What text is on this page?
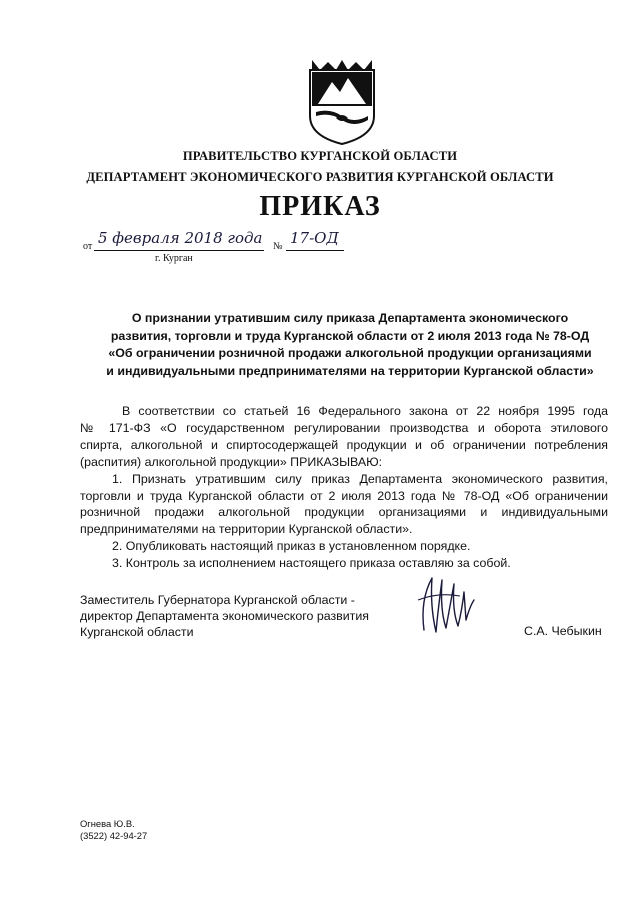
ПРАВИТЕЛЬСТВО КУРГАНСКОЙ ОБЛАСТИ
ДЕПАРТАМЕНТ ЭКОНОМИЧЕСКОГО РАЗВИТИЯ КУРГАНСКОЙ ОБЛАСТИ
ПРИКАЗ
от 5 февраля 2018 года № 17-ОД
г. Курган
О признании утратившим силу приказа Департамента экономического
развития, торговли и труда Курганской области от 2 июля 2013 года № 78-ОД
«Об ограничении розничной продажи алкогольной продукции организациями
и индивидуальными предпринимателями на территории Курганской области»
В соответствии со статьей 16 Федерального закона от 22 ноября 1995 года
№ 171-ФЗ «О государственном регулировании производства и оборота этилового
спирта, алкогольной и спиртосодержащей продукции и об ограничении потребления
(распития) алкогольной продукции» ПРИКАЗЫВАЮ:
1. Признать утратившим силу приказ Департамента экономического развития,
торговли и труда Курганской области от 2 июля 2013 года № 78-ОД «Об ограничении
розничной продажи алкогольной продукции организациями и индивидуальными
предпринимателями на территории Курганской области».
2. Опубликовать настоящий приказ в установленном порядке.
3. Контроль за исполнением настоящего приказа оставляю за собой.
Заместитель Губернатора Курганской области -
директор Департамента экономического развития
Курганской области	С.А. Чебыкин
Огнева Ю.В.
(3522) 42-94-27
